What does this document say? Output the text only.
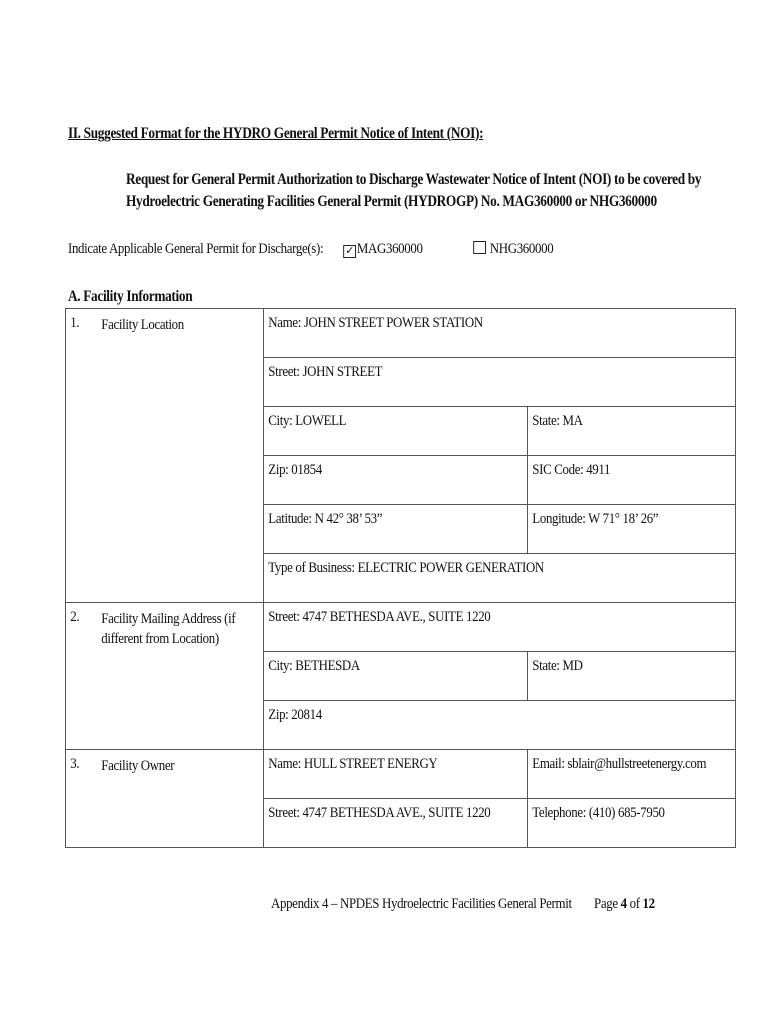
II. Suggested Format for the HYDRO General Permit Notice of Intent (NOI):
Request for General Permit Authorization to Discharge Wastewater Notice of Intent (NOI) to be covered by
Hydroelectric Generating Facilities General Permit (HYDROGP) No. MAG360000 or NHG360000
Indicate Applicable General Permit for Discharge(s): ✓ MAG360000	NHG360000
A. Facility Information
1. Facility Location	Name: JOHN STREET POWER STATION	

	Street: JOHN STREET	

	City: LOWELL	State: MA

	Zip: 01854	SIC Code: 4911

	Latitude: N 42° 38’ 53”	Longitude: W 71° 18’ 26”

	Type of Business: ELECTRIC POWER GENERATION	

2. Facility Mailing Address (if
different from Location)	Street: 4747 BETHESDA AVE., SUITE 1220	

	City: BETHESDA	State: MD

	Zip: 20814	

3. Facility Owner	Name: HULL STREET ENERGY	Email: sblair@hullstreetenergy.com

	Street: 4747 BETHESDA AVE., SUITE 1220	Telephone: (410) 685-7950
Appendix 4 – NPDES Hydroelectric Facilities General Permit Page 4 of 12
